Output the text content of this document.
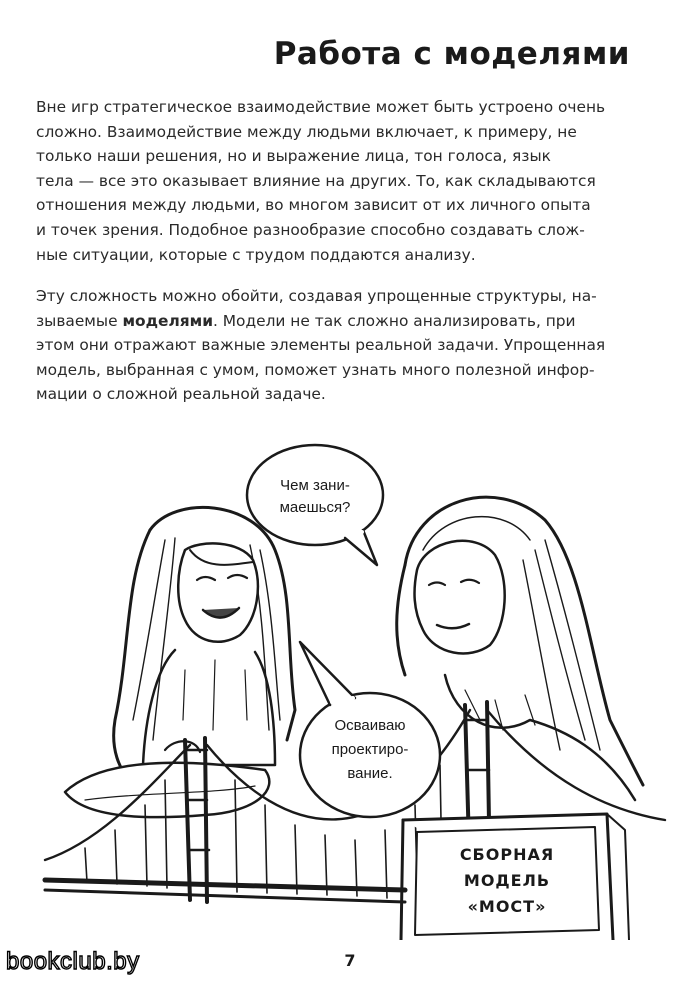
Работа с моделями

Вне игр стратегическое взаимодействие может быть устроено очень
сложно. Взаимодействие между людьми включает, к примеру, не
только наши решения, но и выражение лица, тон голоса, язык
тела — все это оказывает влияние на других. То, как складываются
отношения между людьми, во многом зависит от их личного опыта
и точек зрения. Подобное разнообразие способно создавать слож-
ные ситуации, которые с трудом поддаются анализу.

Эту сложность можно обойти, создавая упрощенные структуры, на-
зываемые моделями. Модели не так сложно анализировать, при
этом они отражают важные элементы реальной задачи. Упрощенная
модель, выбранная с умом, поможет узнать много полезной инфор-
мации о сложной реальной задаче.

Чем зани-
маешься?
Осваиваю
проектиро-
вание.
СБОРНАЯ
МОДЕЛЬ
«МОСТ»
bookclub.by	7
